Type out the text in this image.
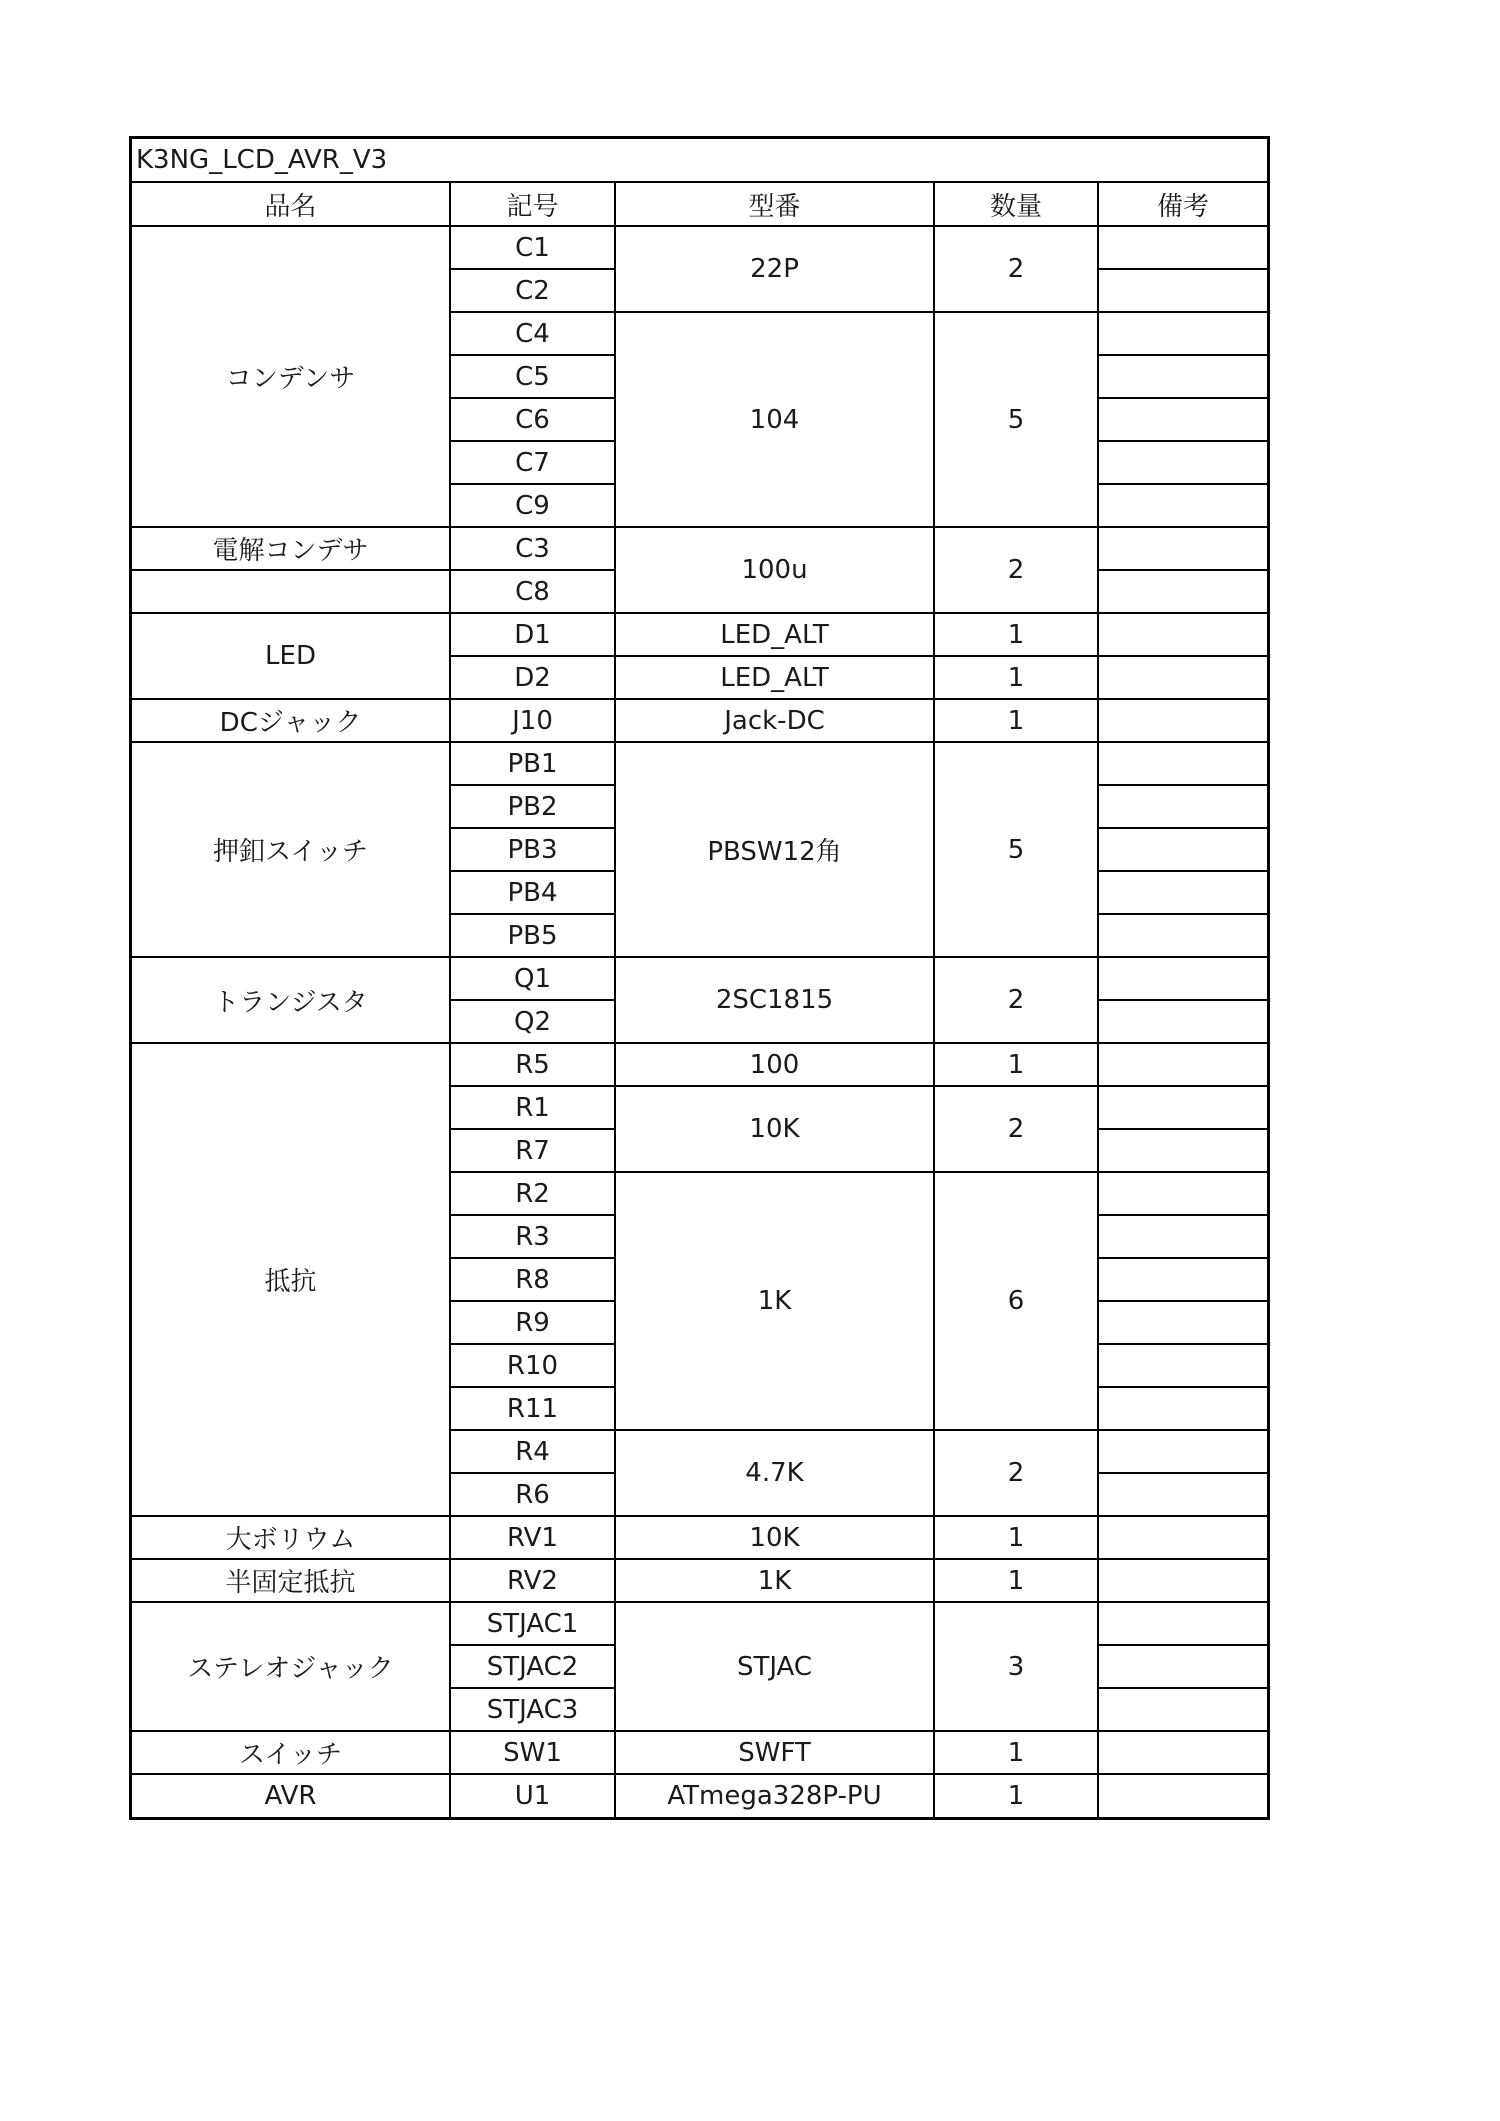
K3NG_LCD_AVR_V3
品名	記号	型番	数量	備考
コンデンサ	C1	22P	2	
	C2			
	C4	104	5	
	C5			
	C6			
	C7			
	C9			
電解コンデサ	C3	100u	2	
	C8			
LED	D1	LED_ALT	1	
	D2	LED_ALT	1	
DCジャック	J10	Jack-DC	1	
押釦スイッチ	PB1	PBSW12角	5	
	PB2			
	PB3			
	PB4			
	PB5			
トランジスタ	Q1	2SC1815	2	
	Q2			
抵抗	R5	100	1	
	R1	10K	2	
	R7			
	R2	1K	6	
	R3			
	R8			
	R9			
	R10			
	R11			
	R4	4.7K	2	
	R6			
大ボリウム	RV1	10K	1	
半固定抵抗	RV2	1K	1	
ステレオジャック	STJAC1	STJAC	3	
	STJAC2			
	STJAC3			
スイッチ	SW1	SWFT	1	
AVR	U1	ATmega328P-PU	1	
